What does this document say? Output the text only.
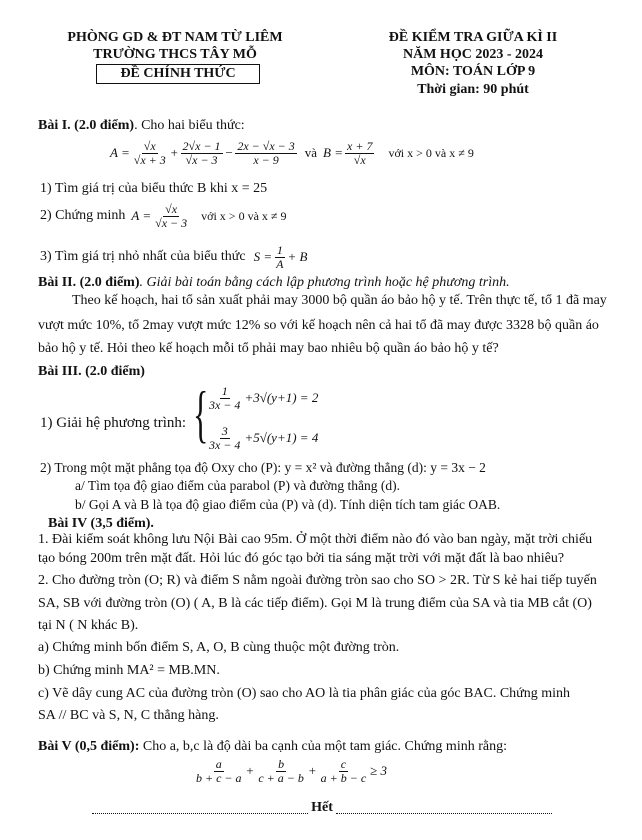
PHÒNG GD & ĐT NAM TỪ LIÊM
TRƯỜNG THCS TÂY MỖ
ĐỀ CHÍNH THỨC
ĐỀ KIỂM TRA GIỮA KÌ II
NĂM HỌC 2023 - 2024
MÔN: TOÁN LỚP 9
Thời gian: 90 phút
Bài I. (2.0 điểm). Cho hai biểu thức:
$A = \frac{√x}{√x + 3} + \frac{2√x - 1}{√x - 3} - \frac{2x - √x - 3}{x - 9}$ và $B = \frac{x + 7}{√x}$ với x > 0 và x ≠ 9
1) Tìm giá trị của biểu thức B khi x = 25
2) Chứng minh $A = \frac{√x}{√x - 3}$ với x > 0 và x ≠ 9
3) Tìm giá trị nhỏ nhất của biểu thức $S = \frac{1}{A} + B$
Bài II. (2.0 điểm). Giải bài toán bằng cách lập phương trình hoặc hệ phương trình.
Theo kế hoạch, hai tổ sản xuất phải may 3000 bộ quần áo bảo hộ y tế. Trên thực tế, tổ 1 đã may
vượt mức 10%, tổ 2may vượt mức 12% so với kế hoạch nên cả hai tổ đã may được 3328 bộ quần áo
bảo hộ y tế. Hỏi theo kế hoạch mỗi tổ phải may bao nhiêu bộ quần áo bảo hộ y tế?
Bài III. (2.0 điểm)
1) Giải hệ phương trình: {
$\frac{1}{3x - 4} +3√(y+1) = 2$
$\frac{3}{3x - 4} +5√(y+1) = 4$
2) Trong một mặt phẳng tọa độ Oxy cho (P): y = x² và đường thẳng (d): y = 3x − 2
a/ Tìm tọa độ giao điểm của parabol (P) và đường thẳng (d).
b/ Gọi A và B là tọa độ giao điểm của (P) và (d). Tính diện tích tam giác OAB.
Bài IV (3,5 điểm).
1. Đài kiểm soát không lưu Nội Bài cao 95m. Ở một thời điểm nào đó vào ban ngày, mặt trời chiếu
tạo bóng 200m trên mặt đất. Hỏi lúc đó góc tạo bởi tia sáng mặt trời với mặt đất là bao nhiêu?
2. Cho đường tròn (O; R) và điểm S nằm ngoài đường tròn sao cho SO > 2R. Từ S kẻ hai tiếp tuyến
SA, SB với đường tròn (O) ( A, B là các tiếp điểm). Gọi M là trung điểm của SA và tia MB cắt (O)
tại N ( N khác B).
a) Chứng minh bốn điểm S, A, O, B cùng thuộc một đường tròn.
b) Chứng minh MA² = MB.MN.
c) Vẽ dây cung AC của đường tròn (O) sao cho AO là tia phân giác của góc BAC. Chứng minh
SA // BC và S, N, C thẳng hàng.
Bài V (0,5 điểm): Cho a, b,c là độ dài ba cạnh của một tam giác. Chứng minh rằng:
$\frac{a}{b + c - a} + \frac{b}{c + a - b} + \frac{c}{a + b - c} \ge 3$
Hết
